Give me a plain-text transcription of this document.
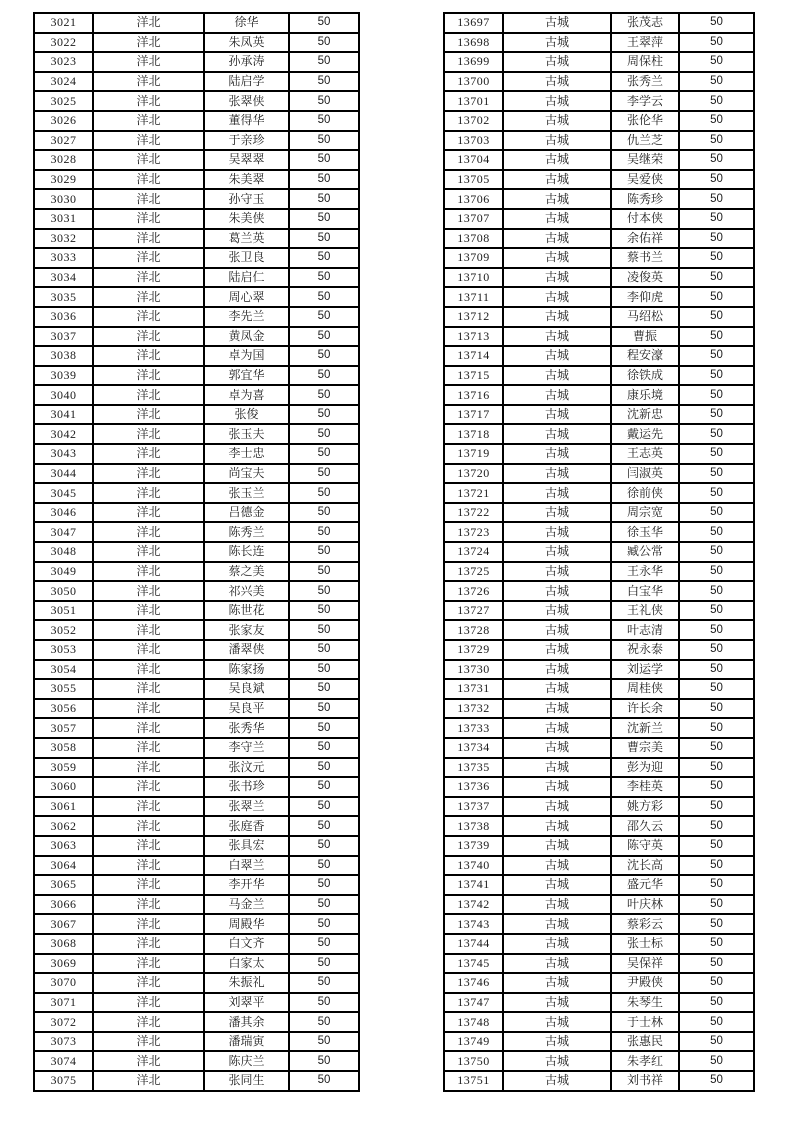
3021	洋北	徐华	50
3022	洋北	朱凤英	50
3023	洋北	孙承涛	50
3024	洋北	陆启学	50
3025	洋北	张翠侠	50
3026	洋北	董得华	50
3027	洋北	于亲珍	50
3028	洋北	吴翠翠	50
3029	洋北	朱美翠	50
3030	洋北	孙守玉	50
3031	洋北	朱美侠	50
3032	洋北	葛兰英	50
3033	洋北	张卫良	50
3034	洋北	陆启仁	50
3035	洋北	周心翠	50
3036	洋北	李先兰	50
3037	洋北	黄凤金	50
3038	洋北	卓为国	50
3039	洋北	郭宜华	50
3040	洋北	卓为喜	50
3041	洋北	张俊	50
3042	洋北	张玉夫	50
3043	洋北	李士忠	50
3044	洋北	尚宝夫	50
3045	洋北	张玉兰	50
3046	洋北	吕德金	50
3047	洋北	陈秀兰	50
3048	洋北	陈长连	50
3049	洋北	蔡之美	50
3050	洋北	祁兴美	50
3051	洋北	陈世花	50
3052	洋北	张家友	50
3053	洋北	潘翠侠	50
3054	洋北	陈家扬	50
3055	洋北	吴良斌	50
3056	洋北	吴良平	50
3057	洋北	张秀华	50
3058	洋北	李守兰	50
3059	洋北	张汶元	50
3060	洋北	张书珍	50
3061	洋北	张翠兰	50
3062	洋北	张庭香	50
3063	洋北	张具宏	50
3064	洋北	白翠兰	50
3065	洋北	李开华	50
3066	洋北	马金兰	50
3067	洋北	周殿华	50
3068	洋北	白文齐	50
3069	洋北	白家太	50
3070	洋北	朱振礼	50
3071	洋北	刘翠平	50
3072	洋北	潘其余	50
3073	洋北	潘瑞寅	50
3074	洋北	陈庆兰	50
3075	洋北	张同生	50
13697	古城	张茂志	50
13698	古城	王翠萍	50
13699	古城	周保柱	50
13700	古城	张秀兰	50
13701	古城	李学云	50
13702	古城	张伦华	50
13703	古城	仇兰芝	50
13704	古城	吴继荣	50
13705	古城	吴爱侠	50
13706	古城	陈秀珍	50
13707	古城	付本侠	50
13708	古城	余佑祥	50
13709	古城	蔡书兰	50
13710	古城	凌俊英	50
13711	古城	李仰虎	50
13712	古城	马绍松	50
13713	古城	曹振	50
13714	古城	程安濠	50
13715	古城	徐铁成	50
13716	古城	康乐境	50
13717	古城	沈新忠	50
13718	古城	戴运先	50
13719	古城	王志英	50
13720	古城	闫淑英	50
13721	古城	徐前侠	50
13722	古城	周宗宽	50
13723	古城	徐玉华	50
13724	古城	臧公常	50
13725	古城	王永华	50
13726	古城	白宝华	50
13727	古城	王礼侠	50
13728	古城	叶志清	50
13729	古城	祝永泰	50
13730	古城	刘运学	50
13731	古城	周桂侠	50
13732	古城	许长余	50
13733	古城	沈新兰	50
13734	古城	曹宗美	50
13735	古城	彭为迎	50
13736	古城	李桂英	50
13737	古城	姚方彩	50
13738	古城	邵久云	50
13739	古城	陈守英	50
13740	古城	沈长高	50
13741	古城	盛元华	50
13742	古城	叶庆林	50
13743	古城	蔡彩云	50
13744	古城	张士标	50
13745	古城	吴保祥	50
13746	古城	尹殿侠	50
13747	古城	朱琴生	50
13748	古城	于士林	50
13749	古城	张惠民	50
13750	古城	朱孝红	50
13751	古城	刘书祥	50
